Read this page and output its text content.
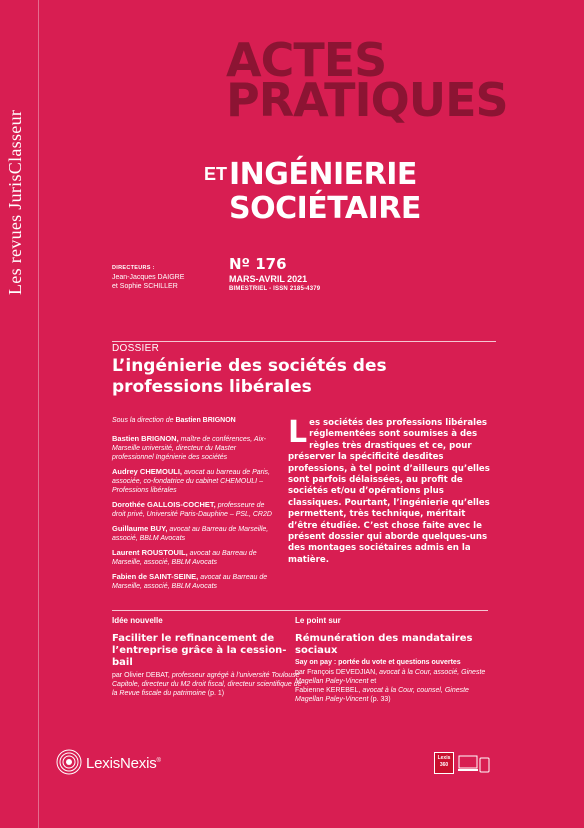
Les revues JurisClasseur
ACTES
PRATIQUES
ET INGÉNIERIE
SOCIÉTAIRE
DIRECTEURS :
Jean-Jacques DAIGRE
et Sophie SCHILLER
Nº 176
MARS-AVRIL 2021
BIMESTRIEL - ISSN 2185-4379
DOSSIER
L’ingénierie des sociétés des
professions libérales
Sous la direction de Bastien BRIGNON
Bastien BRIGNON, maître de conférences, Aix-Marseille université, directeur du Master professionnel Ingénierie des sociétés
Audrey CHEMOULI, avocat au barreau de Paris, associée, co-fondatrice du cabinet CHEMOULI – Professions libérales
Dorothée GALLOIS-COCHET, professeure de droit privé, Université Paris-Dauphine – PSL, CR2D
Guillaume BUY, avocat au Barreau de Marseille, associé, BBLM Avocats
Laurent ROUSTOUIL, avocat au Barreau de Marseille, associé, BBLM Avocats
Fabien de SAINT-SEINE, avocat au Barreau de Marseille, associé, BBLM Avocats
Les sociétés des professions libérales réglementées sont soumises à des règles très drastiques et ce, pour préserver la spécificité desdites professions, à tel point d’ailleurs qu’elles sont parfois délaissées, au profit de sociétés et/ou d’opérations plus classiques. Pourtant, l’ingénierie qu’elles permettent, très technique, méritait d’être étudiée. C’est chose faite avec le présent dossier qui aborde quelques-uns des montages sociétaires admis en la matière.
Idée nouvelle
Faciliter le refinancement de
l’entreprise grâce à la cession-bail
par Olivier DEBAT, professeur agrégé à l’université Toulouse Capitole, directeur du M2 droit fiscal, directeur scientifique de la Revue fiscale du patrimoine (p. 1)
Le point sur
Rémunération des mandataires
sociaux
Say on pay : portée du vote et questions ouvertes
par François DEVEDJIAN, avocat à la Cour, associé, Gineste Magellan Paley-Vincent et
Fabienne KEREBEL, avocat à la Cour, counsel, Gineste Magellan Paley-Vincent (p. 33)
LexisNexis®	Lexis
360
